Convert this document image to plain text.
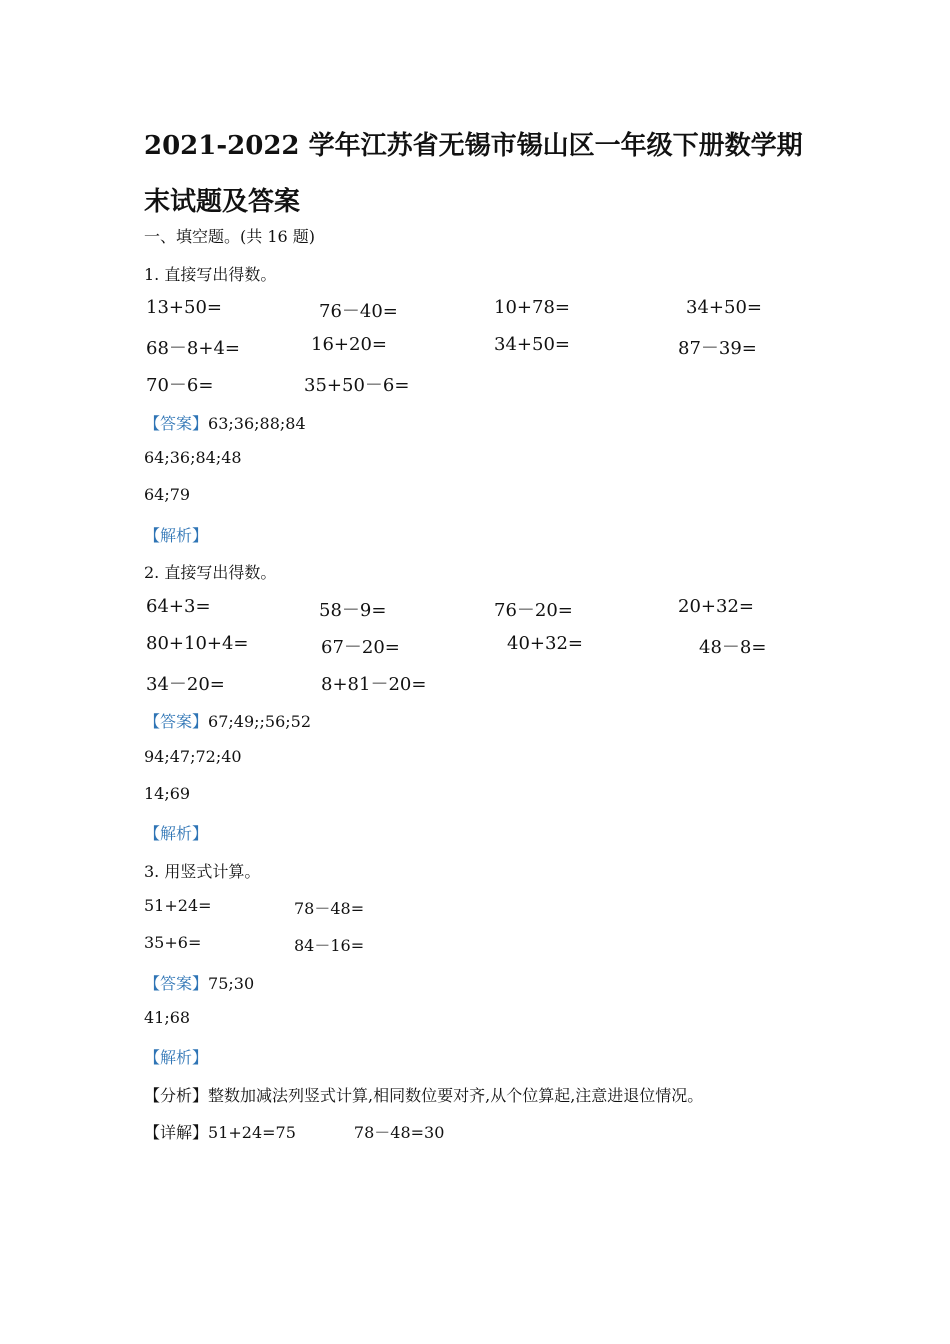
2021-2022 学年江苏省无锡市锡山区一年级下册数学期末试题及答案
一、填空题。(共 16 题)
1. 直接写出得数。
13+50=	76－40=	10+78=	34+50=
68－8+4=	16+20=	34+50=	87－39=
70－6=	35+50－6=
【答案】63;36;88;84
64;36;84;48
64;79
【解析】
2. 直接写出得数。
64+3=	58－9=	76－20=	20+32=
80+10+4=	67－20=	40+32=	48－8=
34－20=	8+81－20=
【答案】67;49;;56;52
94;47;72;40
14;69
【解析】
3. 用竖式计算。
51+24=	78－48=
35+6=	84－16=
【答案】75;30
41;68
【解析】
【分析】整数加减法列竖式计算,相同数位要对齐,从个位算起,注意进退位情况。
【详解】51+24=75	78－48=30
